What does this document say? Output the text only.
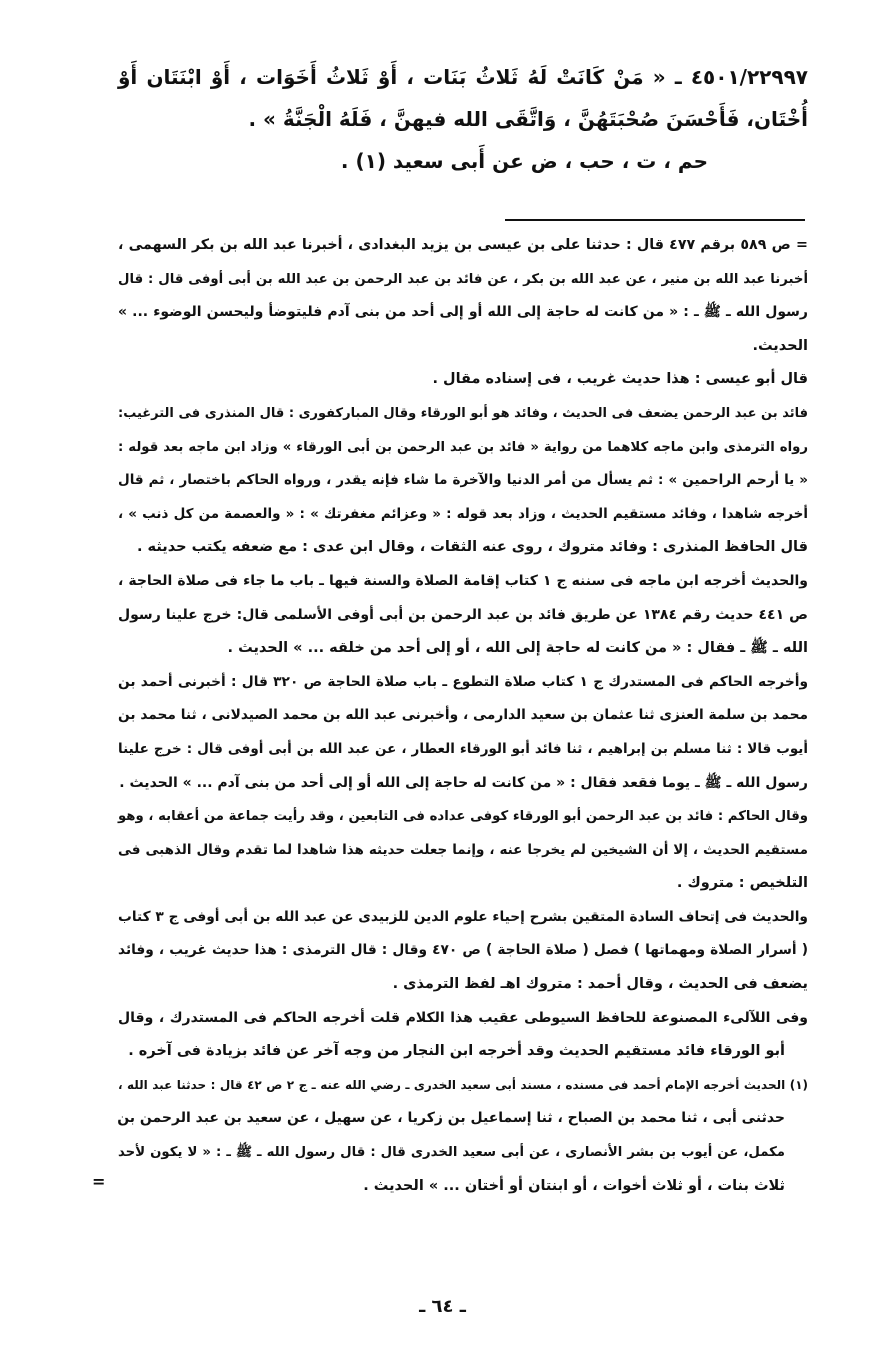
٤٥٠١/٢٢٩٩٧ ـ « مَنْ كَانَتْ لَهُ ثَلاثُ بَنَات ، أَوْ ثَلاثُ أَخَوَات ، أَوْ ابْنَتَان أَوْ
أُخْتَان، فَأَحْسَنَ صُحْبَتَهُنَّ ، وَاتَّقَى الله فيهنَّ ، فَلَهُ الْجَنَّةُ » .
حم ، ت ، حب ، ض عن أَبى سعيد (١) .
= ص ٥٨٩ برقم ٤٧٧ قال : حدثنا على بن عيسى بن يزيد البغدادى ، أخبرنا عبد الله بن بكر السهمى ،
أخبرنا عبد الله بن منير ، عن عبد الله بن بكر ، عن فائد بن عبد الرحمن بن عبد الله بن أبى أوفى قال : قال
رسول الله ـ ﷺ ـ : « من كانت له حاجة إلى الله أو إلى أحد من بنى آدم فليتوضأ وليحسن الوضوء ... »
الحديث.
قال أبو عيسى : هذا حديث غريب ، فى إسناده مقال .
فائد بن عبد الرحمن يضعف فى الحديث ، وفائد هو أبو الورقاء وقال المباركفورى : قال المنذرى فى الترغيب:
رواه الترمذى وابن ماجه كلاهما من رواية « فائد بن عبد الرحمن بن أبى الورقاء » وزاد ابن ماجه بعد قوله :
« يا أرحم الراحمين » : ثم يسأل من أمر الدنيا والآخرة ما شاء فإنه يقدر ، ورواه الحاكم باختصار ، ثم قال
أخرجه شاهدا ، وفائد مستقيم الحديث ، وزاد بعد قوله : « وعزائم مغفرتك » : « والعصمة من كل ذنب » ،
قال الحافظ المنذرى : وفائد متروك ، روى عنه الثقات ، وقال ابن عدى : مع ضعفه يكتب حديثه .
والحديث أخرجه ابن ماجه فى سننه ج ١ كتاب إقامة الصلاة والسنة فيها ـ باب ما جاء فى صلاة الحاجة ،
ص ٤٤١ حديث رقم ١٣٨٤ عن طريق فائد بن عبد الرحمن بن أبى أوفى الأسلمى قال: خرج علينا رسول
الله ـ ﷺ ـ فقال : « من كانت له حاجة إلى الله ، أو إلى أحد من خلقه ... » الحديث .
وأخرجه الحاكم فى المستدرك ج ١ كتاب صلاة التطوع ـ باب صلاة الحاجة ص ٣٢٠ قال : أخبرنى أحمد بن
محمد بن سلمة العنزى ثنا عثمان بن سعيد الدارمى ، وأخبرنى عبد الله بن محمد الصيدلانى ، ثنا محمد بن
أيوب قالا : ثنا مسلم بن إبراهيم ، ثنا فائد أبو الورقاء العطار ، عن عبد الله بن أبى أوفى قال : خرج علينا
رسول الله ـ ﷺ ـ يوما فقعد فقال : « من كانت له حاجة إلى الله أو إلى أحد من بنى آدم ... » الحديث .
وقال الحاكم : فائد بن عبد الرحمن أبو الورقاء كوفى عداده فى التابعين ، وقد رأيت جماعة من أعقابه ، وهو
مستقيم الحديث ، إلا أن الشيخين لم يخرجا عنه ، وإنما جعلت حديثه هذا شاهدا لما تقدم وقال الذهبى فى
التلخيص : متروك .
والحديث فى إتحاف السادة المتقين بشرح إحياء علوم الدين للزبيدى عن عبد الله بن أبى أوفى ج ٣ كتاب
( أسرار الصلاة ومهماتها ) فصل ( صلاة الحاجة ) ص ٤٧٠ وقال : قال الترمذى : هذا حديث غريب ، وفائد
يضعف فى الحديث ، وقال أحمد : متروك اهـ لفظ الترمذى .
وفى اللآلىء المصنوعة للحافظ السيوطى عقيب هذا الكلام قلت أخرجه الحاكم فى المستدرك ، وقال
أبو الورقاء فائد مستقيم الحديث وقد أخرجه ابن النجار من وجه آخر عن فائد بزيادة فى آخره .
(١) الحديث أخرجه الإمام أحمد فى مسنده ، مسند أبى سعيد الخدرى ـ رضي الله عنه ـ ج ٢ ص ٤٢ قال : حدثنا عبد الله ،
حدثنى أبى ، ثنا محمد بن الصباح ، ثنا إسماعيل بن زكريا ، عن سهيل ، عن سعيد بن عبد الرحمن بن
مكمل، عن أيوب بن بشر الأنصارى ، عن أبى سعيد الخدرى قال : قال رسول الله ـ ﷺ ـ : « لا يكون لأحد
ثلاث بنات ، أو ثلاث أخوات ، أو ابنتان أو أختان ... » الحديث .
=
ـ ٦٤ ـ
